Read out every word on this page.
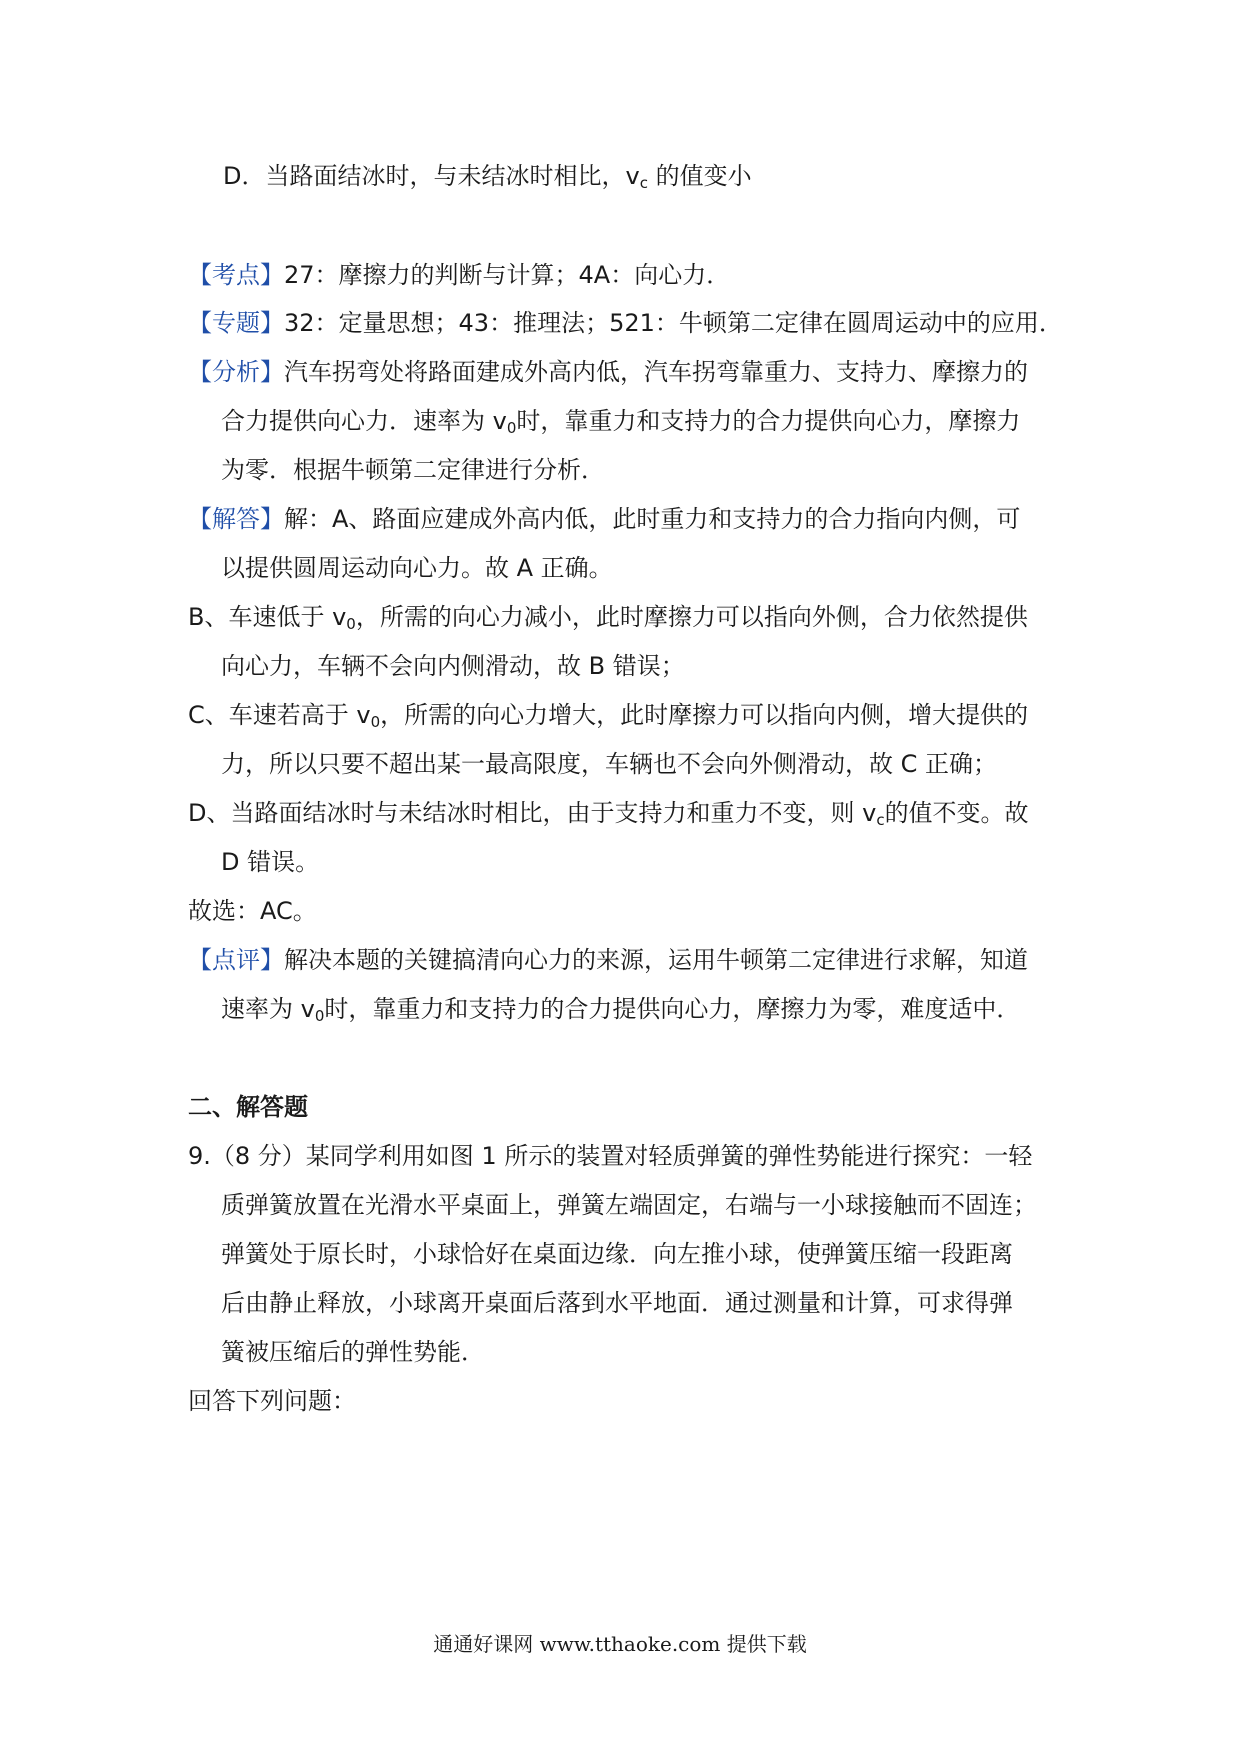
D．当路面结冰时，与未结冰时相比，$v_c$ 的值变小
【考点】27：摩擦力的判断与计算；4A：向心力．
【专题】32：定量思想；43：推理法；521：牛顿第二定律在圆周运动中的应用．
【分析】汽车拐弯处将路面建成外高内低，汽车拐弯靠重力、支持力、摩擦力的
合力提供向心力．速率为 $v_0$时，靠重力和支持力的合力提供向心力，摩擦力
为零．根据牛顿第二定律进行分析．
【解答】解：A、路面应建成外高内低，此时重力和支持力的合力指向内侧，可
以提供圆周运动向心力。故 A 正确。
B、车速低于 $v_0$，所需的向心力减小，此时摩擦力可以指向外侧，合力依然提供
向心力，车辆不会向内侧滑动，故 B 错误；
C、车速若高于 $v_0$，所需的向心力增大，此时摩擦力可以指向内侧，增大提供的
力，所以只要不超出某一最高限度，车辆也不会向外侧滑动，故 C 正确；
D、当路面结冰时与未结冰时相比，由于支持力和重力不变，则 $v_c$的值不变。故
D 错误。
故选：AC。
【点评】解决本题的关键搞清向心力的来源，运用牛顿第二定律进行求解，知道
速率为 $v_0$时，靠重力和支持力的合力提供向心力，摩擦力为零，难度适中．
二、解答题
9.（8 分）某同学利用如图 1 所示的装置对轻质弹簧的弹性势能进行探究：一轻
质弹簧放置在光滑水平桌面上，弹簧左端固定，右端与一小球接触而不固连；
弹簧处于原长时，小球恰好在桌面边缘．向左推小球，使弹簧压缩一段距离
后由静止释放，小球离开桌面后落到水平地面．通过测量和计算，可求得弹
簧被压缩后的弹性势能．
回答下列问题：
通通好课网 www.tthaoke.com 提供下载
